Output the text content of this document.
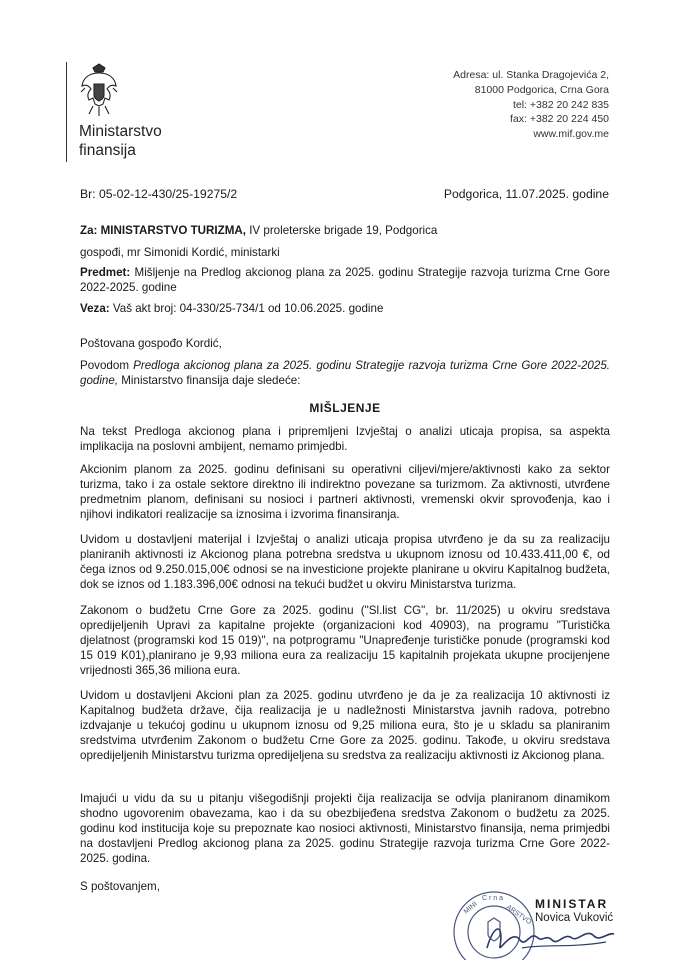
Ministarstvo
finansija
Adresa: ul. Stanka Dragojevića 2,
81000 Podgorica, Crna Gora
tel: +382 20 242 835
fax: +382 20 224 450
www.mif.gov.me
Br: 05-02-12-430/25-19275/2	Podgorica, 11.07.2025. godine
Za: MINISTARSTVO TURIZMA, IV proleterske brigade 19, Podgorica
gospođi, mr Simonidi Kordić, ministarki
Predmet: Mišljenje na Predlog akcionog plana za 2025. godinu Strategije razvoja turizma Crne Gore 2022-2025. godine
Veza: Vaš akt broj: 04-330/25-734/1 od 10.06.2025. godine
Poštovana gospođo Kordić,
Povodom Predloga akcionog plana za 2025. godinu Strategije razvoja turizma Crne Gore 2022-2025. godine, Ministarstvo finansija daje sledeće:
MIŠLJENJE
Na tekst Predloga akcionog plana i pripremljeni Izvještaj o analizi uticaja propisa, sa aspekta implikacija na poslovni ambijent, nemamo primjedbi.
Akcionim planom za 2025. godinu definisani su operativni ciljevi/mjere/aktivnosti kako za sektor turizma, tako i za ostale sektore direktno ili indirektno povezane sa turizmom. Za aktivnosti, utvrđene predmetnim planom, definisani su nosioci i partneri aktivnosti, vremenski okvir sprovođenja, kao i njihovi indikatori realizacije sa iznosima i izvorima finansiranja.
Uvidom u dostavljeni materijal i Izvještaj o analizi uticaja propisa utvrđeno je da su za realizaciju planiranih aktivnosti iz Akcionog plana potrebna sredstva u ukupnom iznosu od 10.433.411,00 €, od čega iznos od 9.250.015,00€ odnosi se na investicione projekte planirane u okviru Kapitalnog budžeta, dok se iznos od 1.183.396,00€ odnosi na tekući budžet u okviru Ministarstva turizma.
Zakonom o budžetu Crne Gore za 2025. godinu ("Sl.list CG", br. 11/2025) u okviru sredstava opredijeljenih Upravi za kapitalne projekte (organizacioni kod 40903), na programu "Turistička djelatnost (programski kod 15 019)", na potprogramu "Unapređenje turističke ponude (programski kod 15 019 K01),planirano je 9,93 miliona eura za realizaciju 15 kapitalnih projekata ukupne procijenjene vrijednosti 365,36 miliona eura.
Uvidom u dostavljeni Akcioni plan za 2025. godinu utvrđeno je da je za realizacija 10 aktivnosti iz Kapitalnog budžeta države, čija realizacija je u nadležnosti Ministarstva javnih radova, potrebno izdvajanje u tekućoj godinu u ukupnom iznosu od 9,25 miliona eura, što je u skladu sa planiranim sredstvima utvrđenim Zakonom o budžetu Crne Gore za 2025. godinu. Takođe, u okviru sredstava opredijeljenih Ministarstvu turizma opredijeljena su sredstva za realizaciju aktivnosti iz Akcionog plana.
Imajući u vidu da su u pitanju višegodišnji projekti čija realizacija se odvija planiranom dinamikom shodno ugovorenim obavezama, kao i da su obezbijeđena sredstva Zakonom o budžetu za 2025. godinu kod institucija koje su prepoznate kao nosioci aktivnosti, Ministarstvo finansija, nema primjedbi na dostavljeni Predlog akcionog plana za 2025. godinu Strategije razvoja turizma Crne Gore 2022-2025. godina.
S poštovanjem,
C r n a
MINI	ARSTVO MINISTAR
Novica Vuković
